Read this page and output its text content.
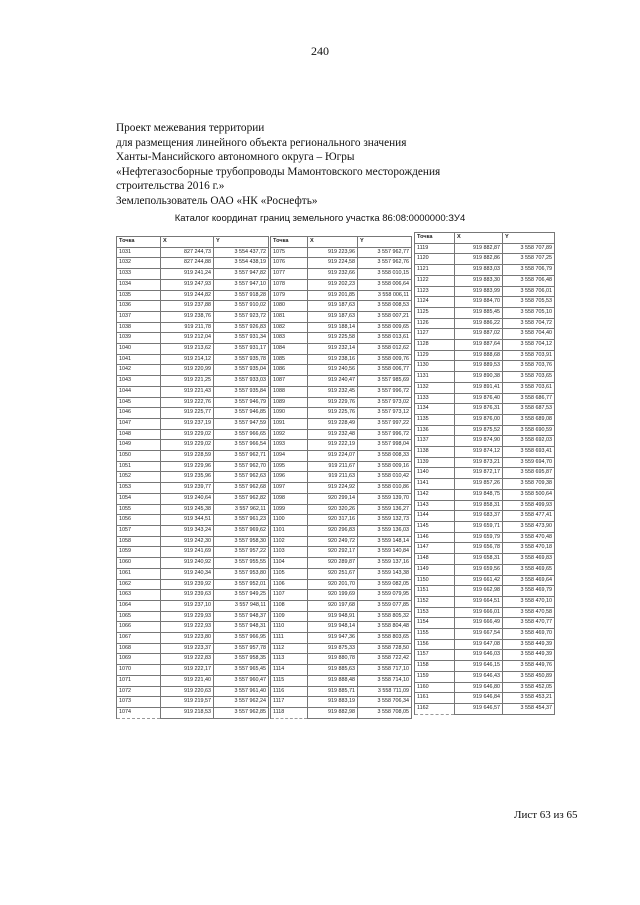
240
Проект межевания территории
для размещения линейного объекта регионального значения
Ханты-Мансийского автономного округа – Югры
«Нефтегазосборные трубопроводы Мамонтовского месторождения
строительства 2016 г.»
Землепользователь ОАО «НК «Роснефть»
Каталог координат границ земельного участка 86:08:0000000:ЗУ4
Точка	X	Y
1031	827 244,73	3 554 437,72
1032	827 244,88	3 554 438,19
1033	919 241,24	3 557 947,82
1034	919 247,93	3 557 947,10
1035	919 244,82	3 557 918,28
1036	919 237,88	3 557 910,02
1037	919 238,76	3 557 923,72
1038	919 211,78	3 557 926,83
1039	919 212,04	3 557 931,34
1040	919 213,62	3 557 931,17
1041	919 214,12	3 557 935,78
1042	919 220,99	3 557 935,04
1043	919 221,25	3 557 933,03
1044	919 221,43	3 557 935,84
1045	919 222,76	3 557 946,79
1046	919 225,77	3 557 946,85
1047	919 237,19	3 557 947,59
1048	919 229,02	3 557 966,65
1049	919 229,02	3 557 966,54
1050	919 228,59	3 557 962,71
1051	919 229,96	3 557 962,70
1052	919 235,96	3 557 962,63
1053	919 239,77	3 557 962,68
1054	919 240,64	3 557 962,82
1055	919 245,38	3 557 962,11
1056	919 344,51	3 557 961,23
1057	919 343,24	3 557 969,62
1058	919 242,30	3 557 958,30
1059	919 241,69	3 557 957,22
1060	919 240,92	3 557 955,55
1061	919 240,34	3 557 953,80
1062	919 239,92	3 557 952,01
1063	919 239,63	3 557 949,25
1064	919 237,10	3 557 948,11
1065	919 229,93	3 557 948,37
1066	919 222,93	3 557 948,31
1067	919 223,80	3 557 966,95
1068	919 223,37	3 557 957,78
1069	919 222,83	3 557 958,35
1070	919 222,17	3 557 965,45
1071	919 221,40	3 557 960,47
1072	919 220,63	3 557 961,40
1073	919 219,57	3 557 962,24
1074	919 218,53	3 557 962,85
Точка	X	Y
1075	919 223,96	3 557 962,77
1076	919 224,58	3 557 962,76
1077	919 232,66	3 558 010,15
1078	919 202,23	3 558 006,64
1079	919 201,85	3 558 006,11
1080	919 187,63	3 558 008,53
1081	919 187,63	3 558 007,21
1082	919 188,14	3 558 009,65
1083	919 225,58	3 558 013,61
1084	919 232,14	3 558 012,62
1085	919 238,16	3 558 009,76
1086	919 240,56	3 558 006,77
1087	919 240,47	3 557 985,69
1088	919 232,45	3 557 996,72
1089	919 229,76	3 557 973,02
1090	919 225,76	3 557 973,12
1091	919 228,49	3 557 997,22
1092	919 232,48	3 557 996,72
1093	919 222,19	3 557 998,04
1094	919 224,07	3 558 008,33
1095	919 211,67	3 558 009,16
1096	919 211,63	3 558 010,42
1097	919 224,92	3 558 010,86
1098	920 299,14	3 559 139,70
1099	920 320,26	3 559 136,27
1100	920 317,16	3 559 132,73
1101	920 296,83	3 559 136,03
1102	920 249,72	3 559 148,14
1103	920 292,17	3 559 140,84
1104	920 289,87	3 559 137,16
1105	920 251,67	3 559 143,38
1106	920 201,70	3 559 082,05
1107	920 199,69	3 559 079,95
1108	920 197,68	3 559 077,85
1109	919 948,91	3 558 805,32
1110	919 948,14	3 558 804,48
1111	919 947,36	3 558 803,65
1112	919 875,33	3 558 728,50
1113	919 880,78	3 558 722,42
1114	919 885,63	3 558 717,10
1115	919 888,48	3 558 714,10
1116	919 885,71	3 558 711,09
1117	919 883,19	3 558 706,34
1118	919 882,98	3 558 708,05
Точка	X	Y
1119	919 882,87	3 558 707,89
1120	919 882,86	3 558 707,25
1121	919 883,03	3 558 706,79
1122	919 883,30	3 558 706,48
1123	919 883,99	3 558 706,01
1124	919 884,70	3 558 705,53
1125	919 885,45	3 558 705,10
1126	919 886,22	3 558 704,72
1127	919 887,02	3 558 704,40
1128	919 887,64	3 558 704,12
1129	919 888,68	3 558 703,91
1130	919 889,53	3 558 703,76
1131	919 890,38	3 558 703,65
1132	919 891,41	3 558 703,61
1133	919 876,40	3 558 686,77
1134	919 876,31	3 558 687,53
1135	919 876,00	3 558 689,08
1136	919 875,52	3 558 690,59
1137	919 874,90	3 558 692,03
1138	919 874,12	3 558 693,41
1139	919 873,21	3 559 694,70
1140	919 872,17	3 558 695,87
1141	919 857,26	3 558 709,38
1142	919 848,75	3 558 500,64
1143	919 858,31	3 558 499,93
1144	919 683,37	3 558 477,41
1145	919 659,71	3 558 473,90
1146	919 659,79	3 558 470,48
1147	919 656,78	3 558 470,18
1148	919 658,31	3 558 469,83
1149	919 659,56	3 558 469,65
1150	919 661,42	3 558 469,64
1151	919 662,98	3 558 469,79
1152	919 664,51	3 558 470,10
1153	919 666,01	3 558 470,58
1154	919 666,49	3 558 470,77
1155	919 667,54	3 558 469,70
1156	919 647,08	3 558 449,39
1157	919 646,03	3 558 449,39
1158	919 646,15	3 558 449,76
1159	919 646,43	3 558 450,89
1160	919 646,80	3 558 452,05
1161	919 646,84	3 558 453,21
1162	919 646,57	3 558 454,37
Лист 63 из 65
